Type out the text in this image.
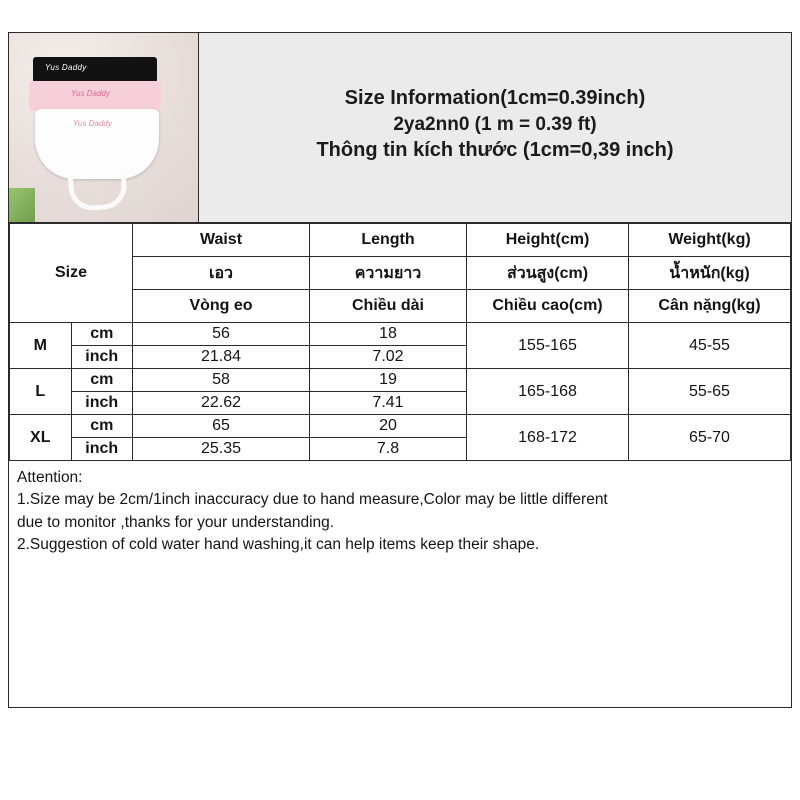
Yus Daddy
Yus Daddy
Yus Daddy
Size Information(1cm=0.39inch)
2ya2nn0 (1 m = 0.39 ft)
Thông tin kích thước (1cm=0,39 inch)
Size		Waist	Length	Height(cm)	Weight(kg)
		เอว	ความยาว	ส่วนสูง(cm)	น้ำหนัก(kg)
		Vòng eo	Chiều dài	Chiều cao(cm)	Cân nặng(kg)
M	cm	56	18	155-165	45-55
	inch	21.84	7.02		
L	cm	58	19	165-168	55-65
	inch	22.62	7.41		
XL	cm	65	20	168-172	65-70
	inch	25.35	7.8		
Attention:
1.Size may be 2cm/1inch inaccuracy due to hand measure,Color may be little different
due to monitor ,thanks for your understanding.
2.Suggestion of cold water hand washing,it can help items keep their shape.
